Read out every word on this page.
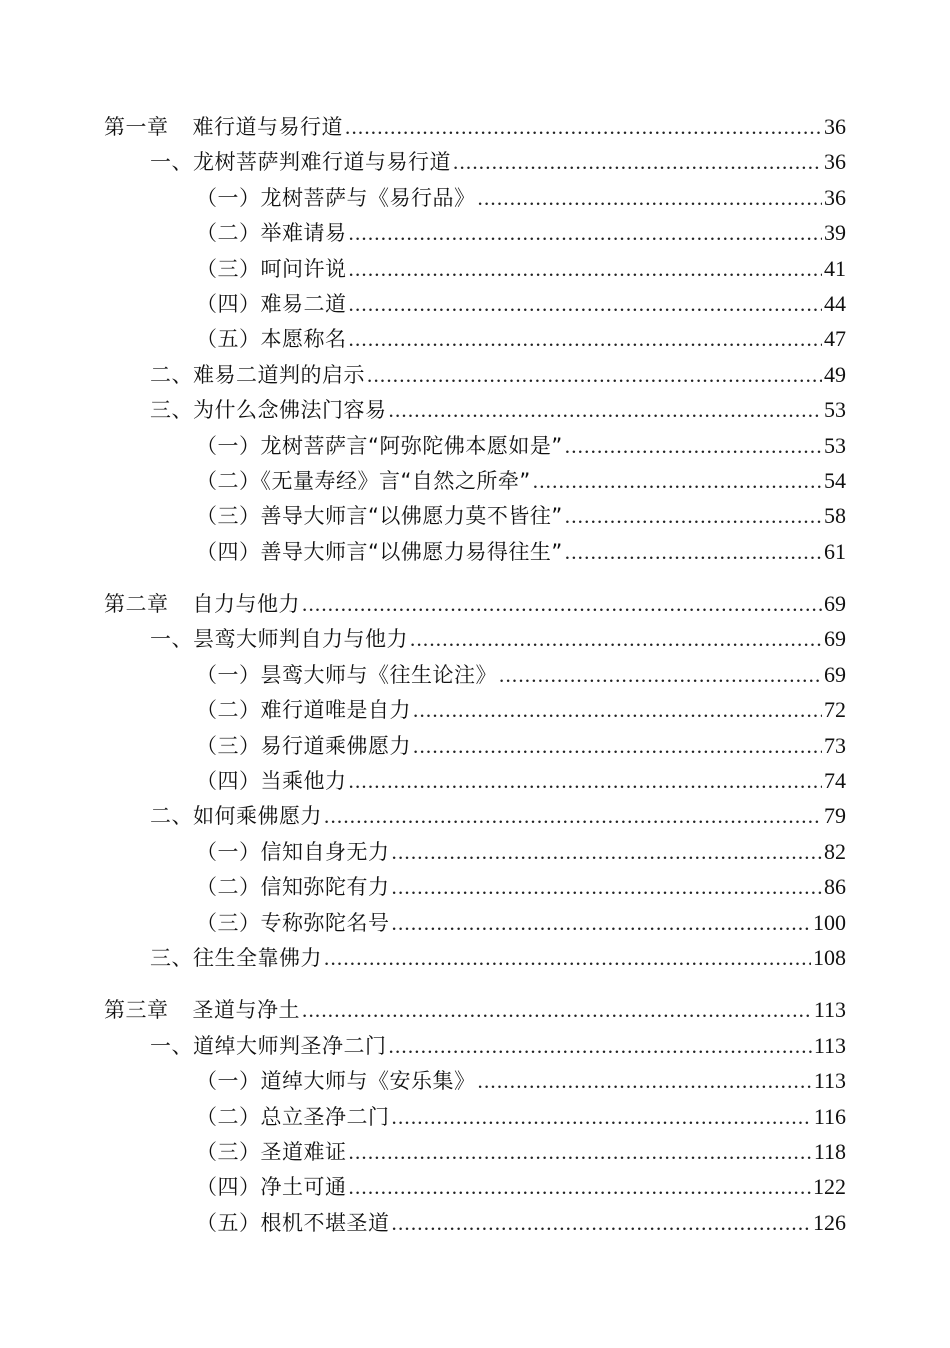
第一章 难行道与易行道 .....	36
一、龙树菩萨判难行道与易行道 .....	36
（一）龙树菩萨与《易行品》 .....	36
（二）举难请易 .....	39
（三）呵问许说 .....	41
（四）难易二道 .....	44
（五）本愿称名 .....	47
二、难易二道判的启示 .....	49
三、为什么念佛法门容易 .....	53
（一）龙树菩萨言“阿弥陀佛本愿如是” .....	53
（二）《无量寿经》言“自然之所牵” .....	54
（三）善导大师言“以佛愿力莫不皆往” .....	58
（四）善导大师言“以佛愿力易得往生” .....	61
第二章 自力与他力 .....	69
一、昙鸾大师判自力与他力 .....	69
（一）昙鸾大师与《往生论注》 .....	69
（二）难行道唯是自力 .....	72
（三）易行道乘佛愿力 .....	73
（四）当乘他力 .....	74
二、如何乘佛愿力 .....	79
（一）信知自身无力 .....	82
（二）信知弥陀有力 .....	86
（三）专称弥陀名号 .....	100
三、往生全靠佛力 .....	108
第三章 圣道与净土 .....	113
一、道绰大师判圣净二门 .....	113
（一）道绰大师与《安乐集》 .....	113
（二）总立圣净二门 .....	116
（三）圣道难证 .....	118
（四）净土可通 .....	122
（五）根机不堪圣道 .....	126
